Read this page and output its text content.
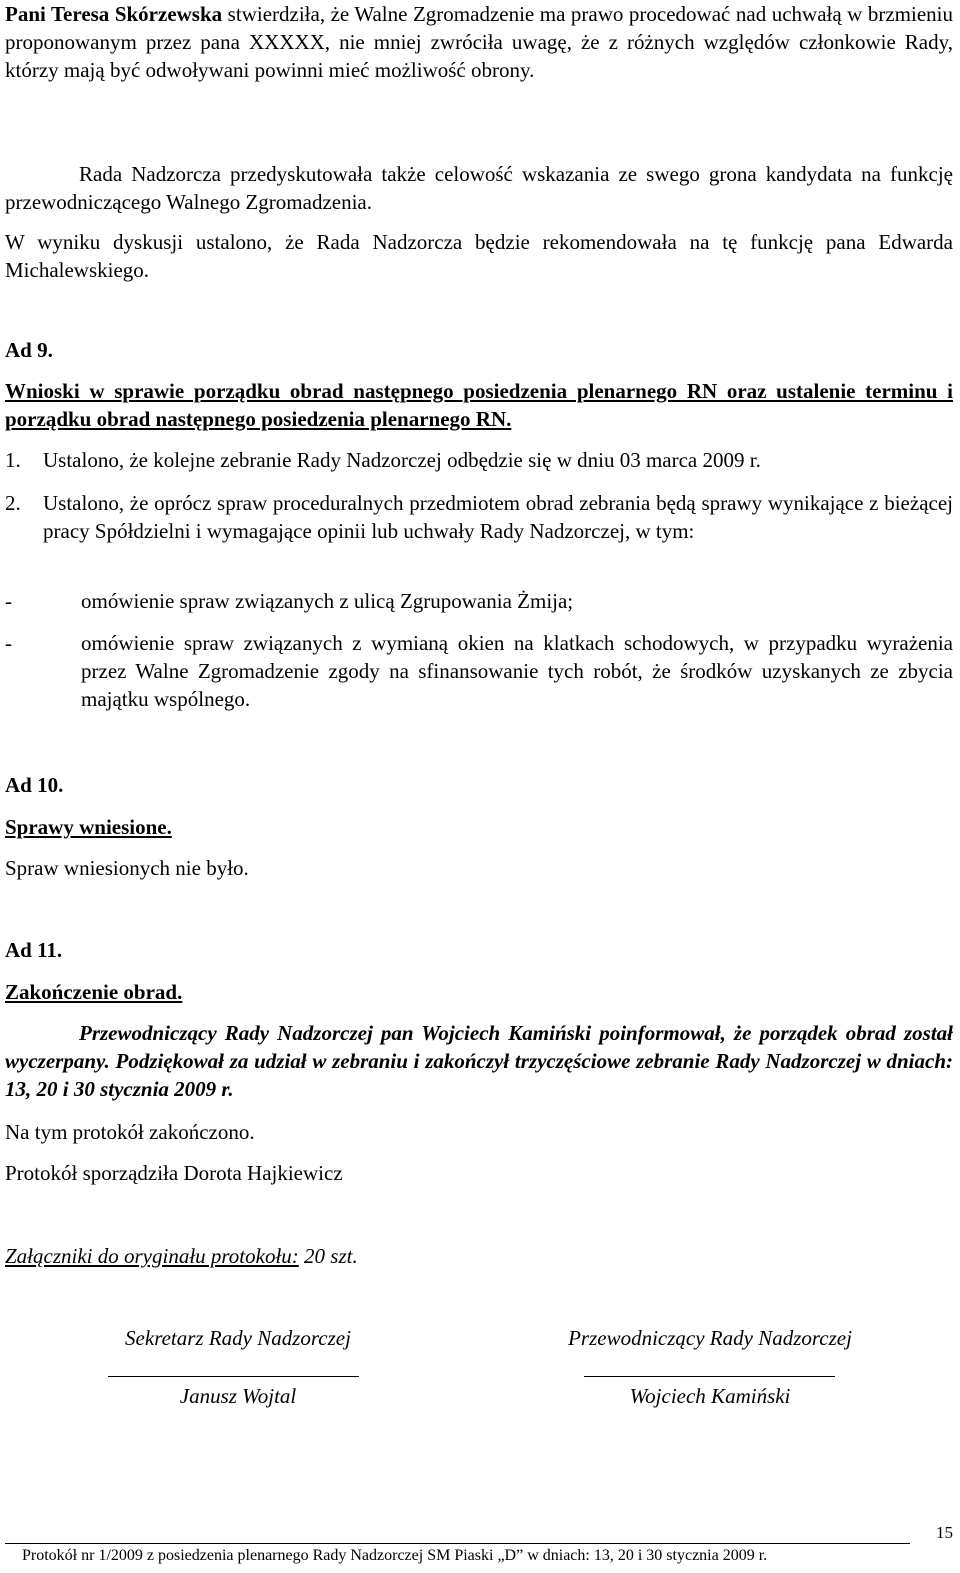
Pani Teresa Skórzewska stwierdziła, że Walne Zgromadzenie ma prawo procedować nad uchwałą w brzmieniu proponowanym przez pana XXXXX, nie mniej zwróciła uwagę, że z różnych względów członkowie Rady, którzy mają być odwoływani powinni mieć możliwość obrony.

Rada Nadzorcza przedyskutowała także celowość wskazania ze swego grona kandydata na funkcję przewodniczącego Walnego Zgromadzenia.

W wyniku dyskusji ustalono, że Rada Nadzorcza będzie rekomendowała na tę funkcję pana Edwarda Michalewskiego.

Ad 9.

Wnioski w sprawie porządku obrad następnego posiedzenia plenarnego RN oraz ustalenie terminu i porządku obrad następnego posiedzenia plenarnego RN.

1. Ustalono, że kolejne zebranie Rady Nadzorczej odbędzie się w dniu 03 marca 2009 r.

2. Ustalono, że oprócz spraw proceduralnych przedmiotem obrad zebrania będą sprawy wynikające z bieżącej pracy Spółdzielni i wymagające opinii lub uchwały Rady Nadzorczej, w tym:

-	omówienie spraw związanych z ulicą Zgrupowania Żmija;

-	omówienie spraw związanych z wymianą okien na klatkach schodowych, w przypadku wyrażenia przez Walne Zgromadzenie zgody na sfinansowanie tych robót, że środków uzyskanych ze zbycia majątku wspólnego.

Ad 10.

Sprawy wniesione.

Spraw wniesionych nie było.

Ad 11.

Zakończenie obrad.

Przewodniczący Rady Nadzorczej pan Wojciech Kamiński poinformował, że porządek obrad został wyczerpany. Podziękował za udział w zebraniu i zakończył trzyczęściowe zebranie Rady Nadzorczej w dniach: 13, 20 i 30 stycznia 2009 r.

Na tym protokół zakończono.

Protokół sporządziła Dorota Hajkiewicz

Załączniki do oryginału protokołu: 20 szt.

Sekretarz Rady Nadzorczej
Janusz Wojtal
Przewodniczący Rady Nadzorczej
Wojciech Kamiński
15
Protokół nr 1/2009 z posiedzenia plenarnego Rady Nadzorczej SM Piaski „D” w dniach: 13, 20 i 30 stycznia 2009 r.
